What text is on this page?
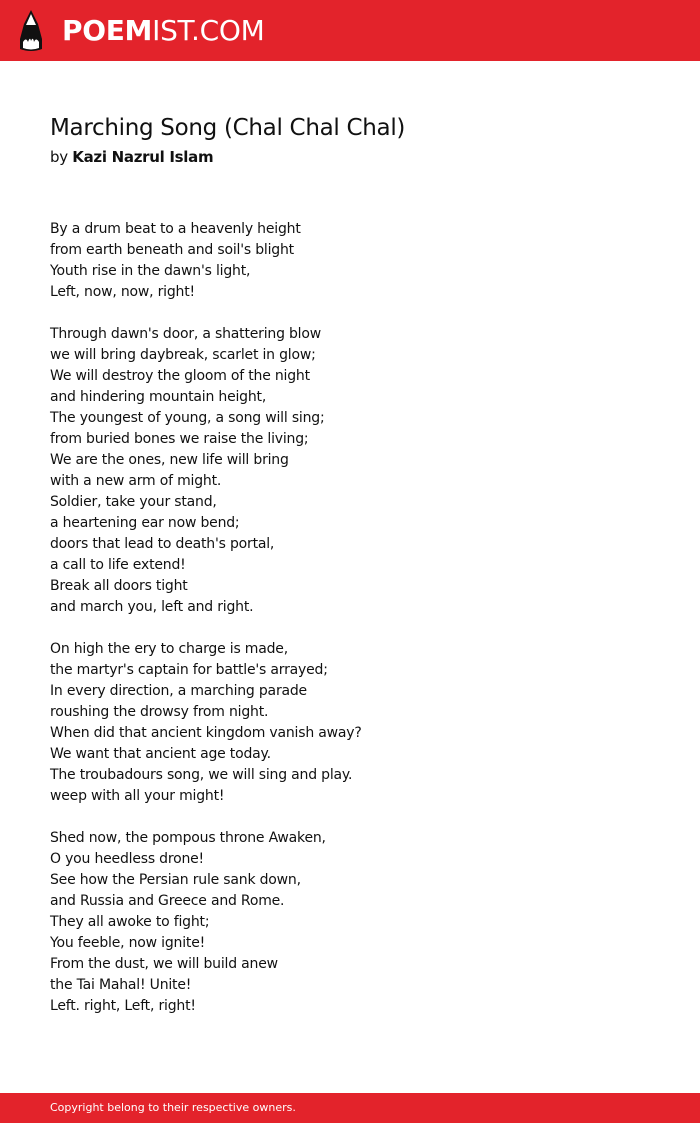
POEMIST.COM
Marching Song (Chal Chal Chal)
by Kazi Nazrul Islam
By a drum beat to a heavenly height
from earth beneath and soil's blight
Youth rise in the dawn's light,
Left, now, now, right!
Through dawn's door, a shattering blow
we will bring daybreak, scarlet in glow;
We will destroy the gloom of the night
and hindering mountain height,
The youngest of young, a song will sing;
from buried bones we raise the living;
We are the ones, new life will bring
with a new arm of might.
Soldier, take your stand,
a heartening ear now bend;
doors that lead to death's portal,
a call to life extend!
Break all doors tight
and march you, left and right.
On high the ery to charge is made,
the martyr's captain for battle's arrayed;
In every direction, a marching parade
roushing the drowsy from night.
When did that ancient kingdom vanish away?
We want that ancient age today.
The troubadours song, we will sing and play.
weep with all your might!
Shed now, the pompous throne Awaken,
O you heedless drone!
See how the Persian rule sank down,
and Russia and Greece and Rome.
They all awoke to fight;
You feeble, now ignite!
From the dust, we will build anew
the Tai Mahal! Unite!
Left. right, Left, right!
Copyright belong to their respective owners.
